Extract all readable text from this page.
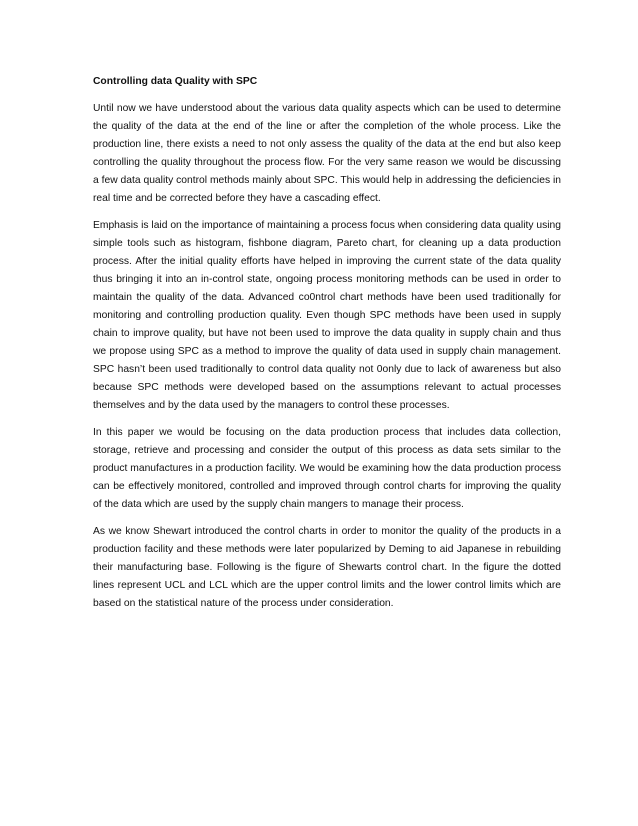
Controlling data Quality with SPC

Until now we have understood about the various data quality aspects which can be used to determine the quality of the data at the end of the line or after the completion of the whole process. Like the production line, there exists a need to not only assess the quality of the data at the end but also keep controlling the quality throughout the process flow. For the very same reason we would be discussing a few data quality control methods mainly about SPC. This would help in addressing the deficiencies in real time and be corrected before they have a cascading effect.

Emphasis is laid on the importance of maintaining a process focus when considering data quality using simple tools such as histogram, fishbone diagram, Pareto chart, for cleaning up a data production process. After the initial quality efforts have helped in improving the current state of the data quality thus bringing it into an in-control state, ongoing process monitoring methods can be used in order to maintain the quality of the data. Advanced co0ntrol chart methods have been used traditionally for monitoring and controlling production quality. Even though SPC methods have been used in supply chain to improve quality, but have not been used to improve the data quality in supply chain and thus we propose using SPC as a method to improve the quality of data used in supply chain management. SPC hasn’t been used traditionally to control data quality not 0only due to lack of awareness but also because SPC methods were developed based on the assumptions relevant to actual processes themselves and by the data used by the managers to control these processes.

In this paper we would be focusing on the data production process that includes data collection, storage, retrieve and processing and consider the output of this process as data sets similar to the product manufactures in a production facility. We would be examining how the data production process can be effectively monitored, controlled and improved through control charts for improving the quality of the data which are used by the supply chain mangers to manage their process.

As we know Shewart introduced the control charts in order to monitor the quality of the products in a production facility and these methods were later popularized by Deming to aid Japanese in rebuilding their manufacturing base. Following is the figure of Shewarts control chart. In the figure the dotted lines represent UCL and LCL which are the upper control limits and the lower control limits which are based on the statistical nature of the process under consideration.
